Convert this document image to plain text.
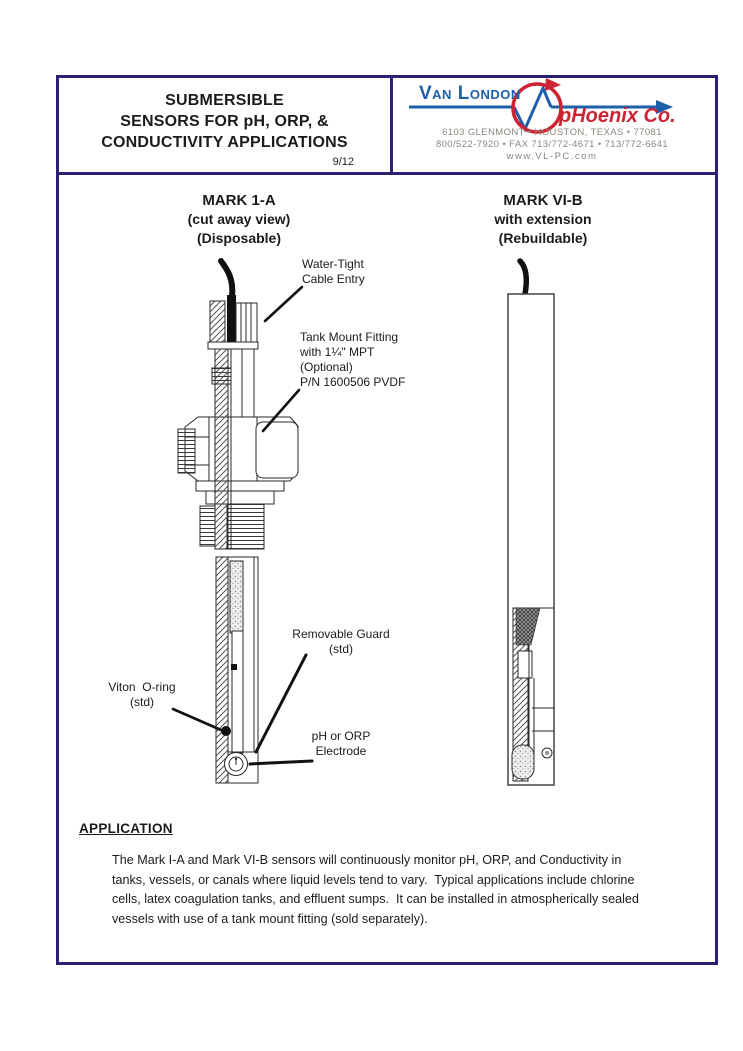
SUBMERSIBLE
SENSORS FOR pH, ORP, &
CONDUCTIVITY APPLICATIONS
9/12
Van London
pHoenix Co.
6103 GLENMONT • HOUSTON, TEXAS • 77081
800/522-7920 • FAX 713/772-4671 • 713/772-6641
www.VL-PC.com
MARK 1-A
(cut away view)
(Disposable)
MARK VI-B
with extension
(Rebuildable)
Water-Tight
Cable Entry
Tank Mount Fitting
with 1¼" MPT
(Optional)
P/N 1600506 PVDF
Removable Guard
(std)
Viton  O-ring
(std)
pH or ORP
Electrode
APPLICATION
The Mark I-A and Mark VI-B sensors will continuously monitor pH, ORP, and Conductivity in
tanks, vessels, or canals where liquid levels tend to vary.  Typical applications include chlorine
cells, latex coagulation tanks, and effluent sumps.  It can be installed in atmospherically sealed
vessels with use of a tank mount fitting (sold separately).
